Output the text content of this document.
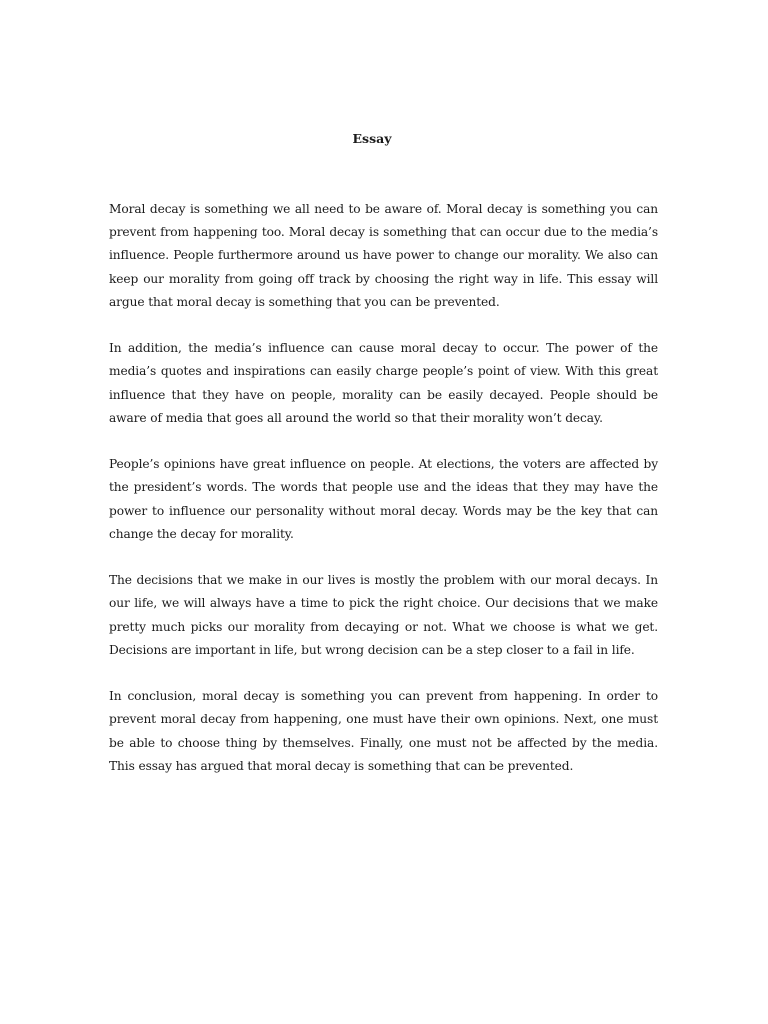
Essay

Moral decay is something we all need to be aware of. Moral decay is something you can prevent from happening too. Moral decay is something that can occur due to the media’s influence. People furthermore around us have power to change our morality. We also can keep our morality from going off track by choosing the right way in life. This essay will argue that moral decay is something that you can be prevented.

In addition, the media’s influence can cause moral decay to occur. The power of the media’s quotes and inspirations can easily charge people’s point of view. With this great influence that they have on people, morality can be easily decayed. People should be aware of media that goes all around the world so that their morality won’t decay.

People’s opinions have great influence on people. At elections, the voters are affected by the president’s words. The words that people use and the ideas that they may have the power to influence our personality without moral decay. Words may be the key that can change the decay for morality.

The decisions that we make in our lives is mostly the problem with our moral decays. In our life, we will always have a time to pick the right choice. Our decisions that we make pretty much picks our morality from decaying or not. What we choose is what we get. Decisions are important in life, but wrong decision can be a step closer to a fail in life.

In conclusion, moral decay is something you can prevent from happening. In order to prevent moral decay from happening, one must have their own opinions. Next, one must be able to choose thing by themselves. Finally, one must not be affected by the media. This essay has argued that moral decay is something that can be prevented.
